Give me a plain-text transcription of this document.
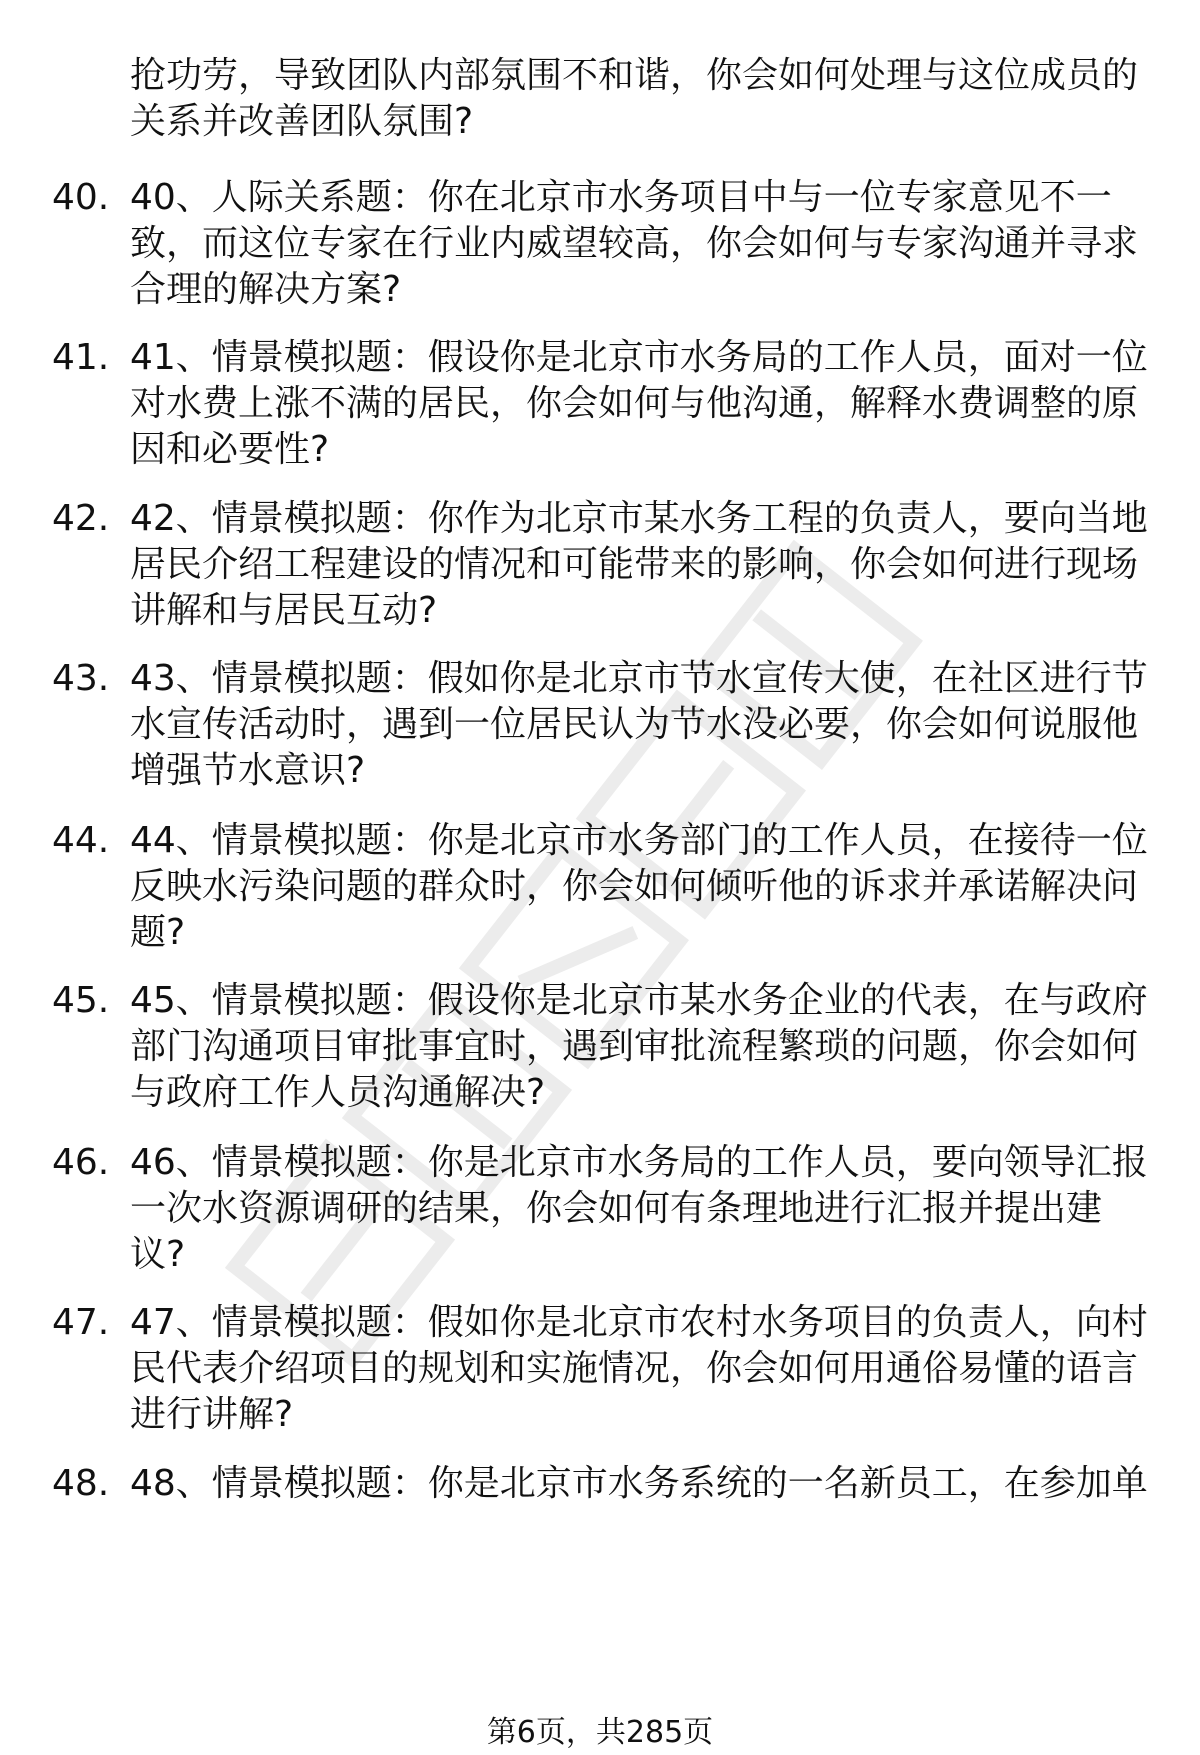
抢功劳，导致团队内部氛围不和谐，你会如何处理与这位成员的
关系并改善团队氛围?
40. 40、人际关系题：你在北京市水务项目中与一位专家意见不一
致，而这位专家在行业内威望较高，你会如何与专家沟通并寻求
合理的解决方案?
41. 41、情景模拟题：假设你是北京市水务局的工作人员，面对一位
对水费上涨不满的居民，你会如何与他沟通，解释水费调整的原
因和必要性?
42. 42、情景模拟题：你作为北京市某水务工程的负责人，要向当地
居民介绍工程建设的情况和可能带来的影响，你会如何进行现场
讲解和与居民互动?
43. 43、情景模拟题：假如你是北京市节水宣传大使，在社区进行节
水宣传活动时，遇到一位居民认为节水没必要，你会如何说服他
增强节水意识?
44. 44、情景模拟题：你是北京市水务部门的工作人员，在接待一位
反映水污染问题的群众时，你会如何倾听他的诉求并承诺解决问
题?
45. 45、情景模拟题：假设你是北京市某水务企业的代表，在与政府
部门沟通项目审批事宜时，遇到审批流程繁琐的问题，你会如何
与政府工作人员沟通解决?
46. 46、情景模拟题：你是北京市水务局的工作人员，要向领导汇报
一次水资源调研的结果，你会如何有条理地进行汇报并提出建
议?
47. 47、情景模拟题：假如你是北京市农村水务项目的负责人，向村
民代表介绍项目的规划和实施情况，你会如何用通俗易懂的语言
进行讲解?
48. 48、情景模拟题：你是北京市水务系统的一名新员工，在参加单
第6页，共285页
